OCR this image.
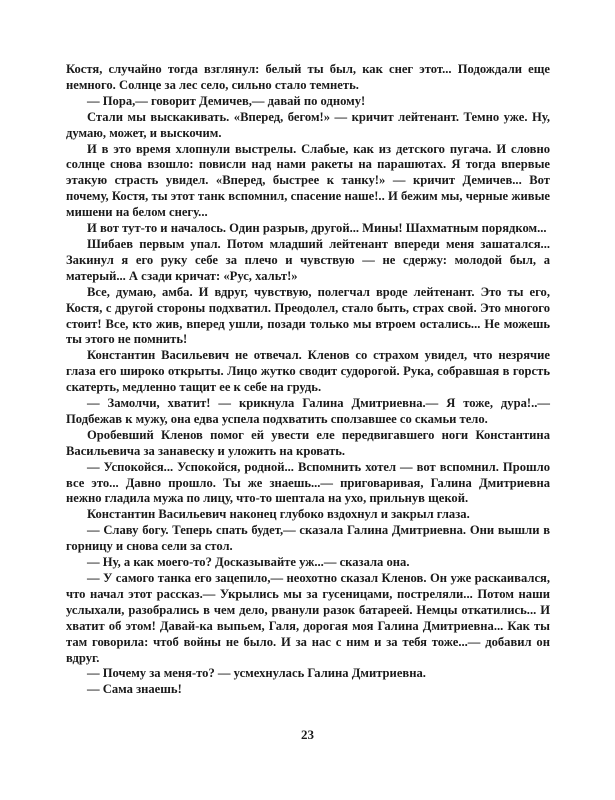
Костя, случайно тогда взглянул: белый ты был, как снег этот... Подождали еще немного. Солнце за лес село, сильно стало темнеть.

— Пора,— говорит Демичев,— давай по одному!

Стали мы выскакивать. «Вперед, бегом!» — кричит лейтенант. Темно уже. Ну, думаю, может, и выскочим.

И в это время хлопнули выстрелы. Слабые, как из детского пугача. И словно солнце снова взошло: повисли над нами ракеты на парашютах. Я тогда впервые этакую страсть увидел. «Вперед, быстрее к танку!» — кричит Демичев... Вот почему, Костя, ты этот танк вспомнил, спасение наше!.. И бежим мы, черные живые мишени на белом снегу...

И вот тут-то и началось. Один разрыв, другой... Мины! Шахматным порядком...

Шибаев первым упал. Потом младший лейтенант впереди меня зашатался... Закинул я его руку себе за плечо и чувствую — не сдержу: молодой был, а матерый... А сзади кричат: «Рус, хальт!»

Все, думаю, амба. И вдруг, чувствую, полегчал вроде лейтенант. Это ты его, Костя, с другой стороны подхватил. Преодолел, стало быть, страх свой. Это многого стоит! Все, кто жив, вперед ушли, позади только мы втроем остались... Не можешь ты этого не помнить!

Константин Васильевич не отвечал. Кленов со страхом увидел, что незрячие глаза его широко открыты. Лицо жутко сводит судорогой. Рука, собравшая в горсть скатерть, медленно тащит ее к себе на грудь.

— Замолчи, хватит! — крикнула Галина Дмитриевна.— Я тоже, дура!..— Подбежав к мужу, она едва успела подхватить сползавшее со скамьи тело.

Оробевший Кленов помог ей увести еле передвигавшего ноги Константина Васильевича за занавеску и уложить на кровать.

— Успокойся... Успокойся, родной... Вспомнить хотел — вот вспомнил. Прошло все это... Давно прошло. Ты же знаешь...— приговаривая, Галина Дмитриевна нежно гладила мужа по лицу, что-то шептала на ухо, прильнув щекой.

Константин Васильевич наконец глубоко вздохнул и закрыл глаза.

— Славу богу. Теперь спать будет,— сказала Галина Дмитриевна. Они вышли в горницу и снова сели за стол.

— Ну, а как моего-то? Досказывайте уж...— сказала она.

— У самого танка его зацепило,— неохотно сказал Кленов. Он уже раскаивался, что начал этот рассказ.— Укрылись мы за гусеницами, постреляли... Потом наши услыхали, разобрались в чем дело, рванули разок батареей. Немцы откатились... И хватит об этом! Давай-ка выпьем, Галя, дорогая моя Галина Дмитриевна... Как ты там говорила: чтоб войны не было. И за нас с ним и за тебя тоже...— добавил он вдруг.

— Почему за меня-то? — усмехнулась Галина Дмитриевна.

— Сама знаешь!

23
